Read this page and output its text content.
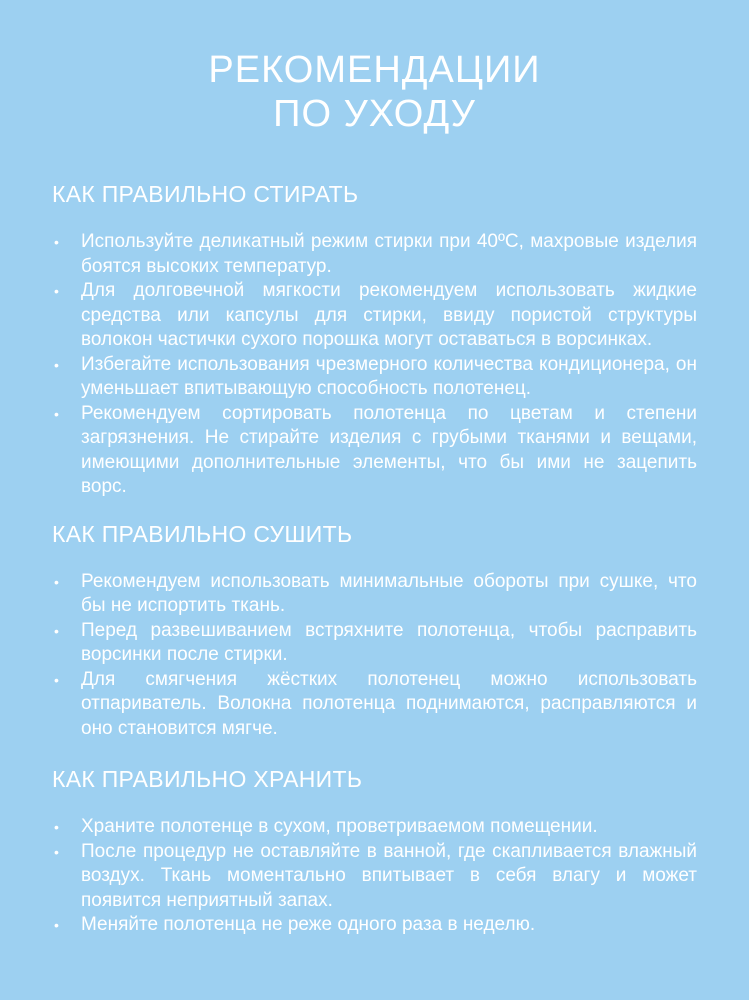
РЕКОМЕНДАЦИИ
ПО УХОДУ
КАК ПРАВИЛЬНО СТИРАТЬ
• Используйте деликатный режим стирки при 40ºС, махровые изделия боятся высоких температур.
• Для долговечной мягкости рекомендуем использовать жидкие средства или капсулы для стирки, ввиду пористой структуры волокон частички сухого порошка могут оставаться в ворсинках.
• Избегайте использования чрезмерного количества кондиционера, он уменьшает впитывающую способность полотенец.
• Рекомендуем сортировать полотенца по цветам и степени загрязнения. Не стирайте изделия с грубыми тканями и вещами, имеющими дополнительные элементы, что бы ими не зацепить ворс.
КАК ПРАВИЛЬНО СУШИТЬ
• Рекомендуем использовать минимальные обороты при сушке, что бы не испортить ткань.
• Перед развешиванием встряхните полотенца, чтобы расправить ворсинки после стирки.
• Для смягчения жёстких полотенец можно использовать отпариватель. Волокна полотенца поднимаются, расправляются и оно становится мягче.
КАК ПРАВИЛЬНО ХРАНИТЬ
• Храните полотенце в сухом, проветриваемом помещении.
• После процедур не оставляйте в ванной, где скапливается влажный воздух. Ткань моментально впитывает в себя влагу и может появится неприятный запах.
• Меняйте полотенца не реже одного раза в неделю.
